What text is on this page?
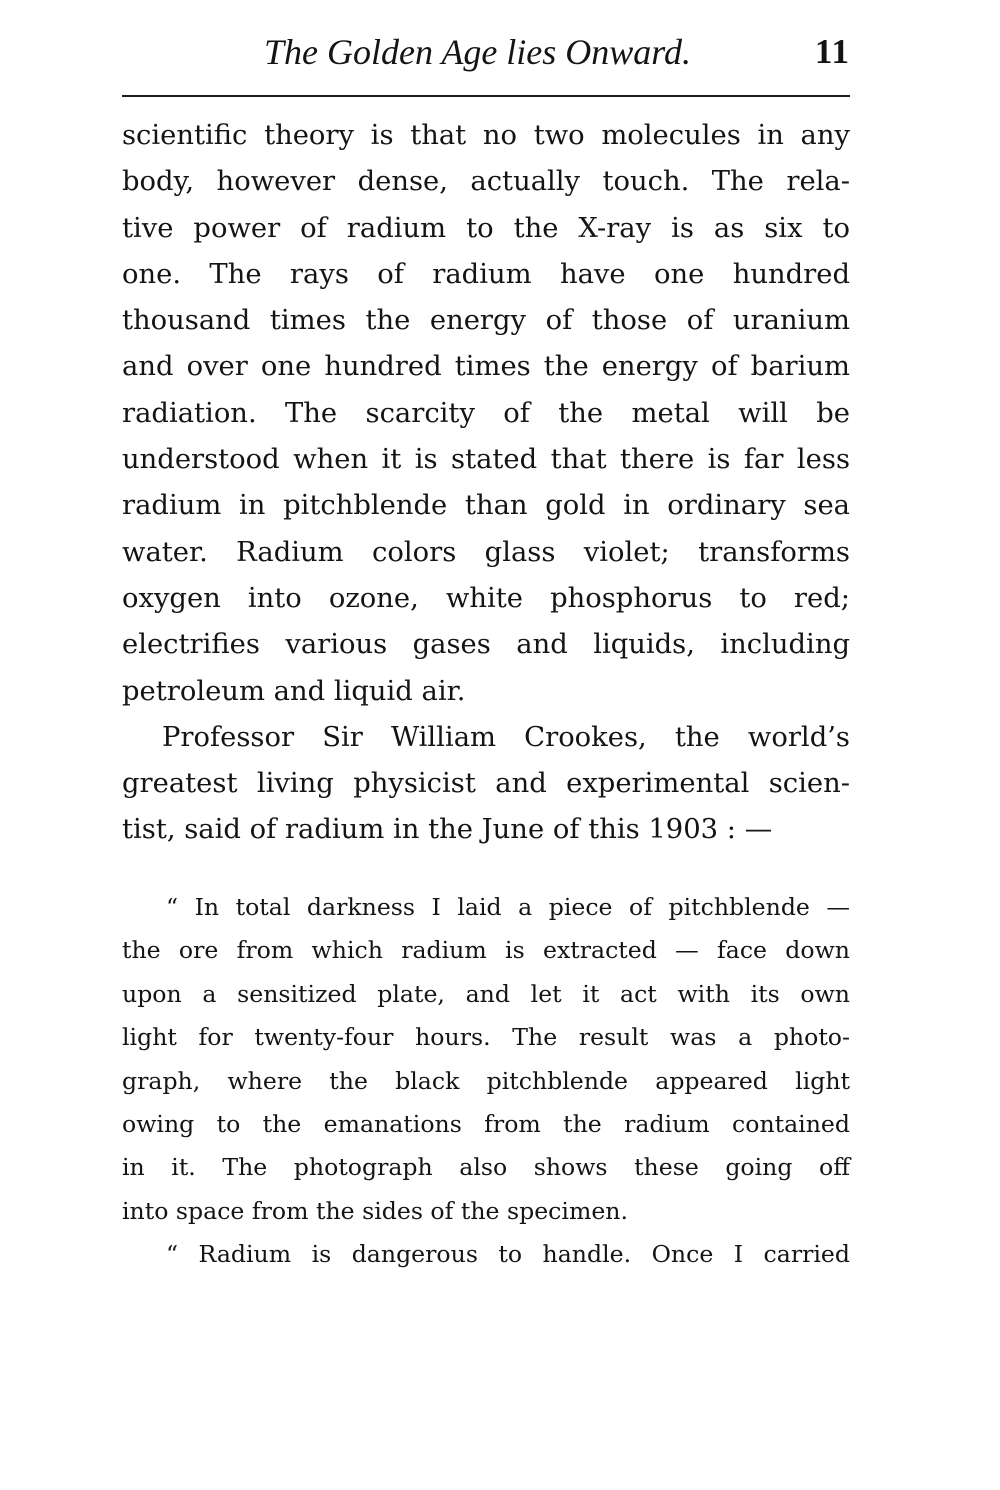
The Golden Age lies Onward.	11
scientific theory is that no two molecules in any
body, however dense, actually touch. The rela-
tive power of radium to the X-ray is as six to
one. The rays of radium have one hundred
thousand times the energy of those of uranium
and over one hundred times the energy of barium
radiation. The scarcity of the metal will be
understood when it is stated that there is far less
radium in pitchblende than gold in ordinary sea
water. Radium colors glass violet; transforms
oxygen into ozone, white phosphorus to red;
electrifies various gases and liquids, including
petroleum and liquid air.
Professor Sir William Crookes, the world’s
greatest living physicist and experimental scien-
tist, said of radium in the June of this 1903 : —
“ In total darkness I laid a piece of pitchblende —
the ore from which radium is extracted — face down
upon a sensitized plate, and let it act with its own
light for twenty-four hours. The result was a photo-
graph, where the black pitchblende appeared light
owing to the emanations from the radium contained
in it. The photograph also shows these going off
into space from the sides of the specimen.
“ Radium is dangerous to handle. Once I carried
